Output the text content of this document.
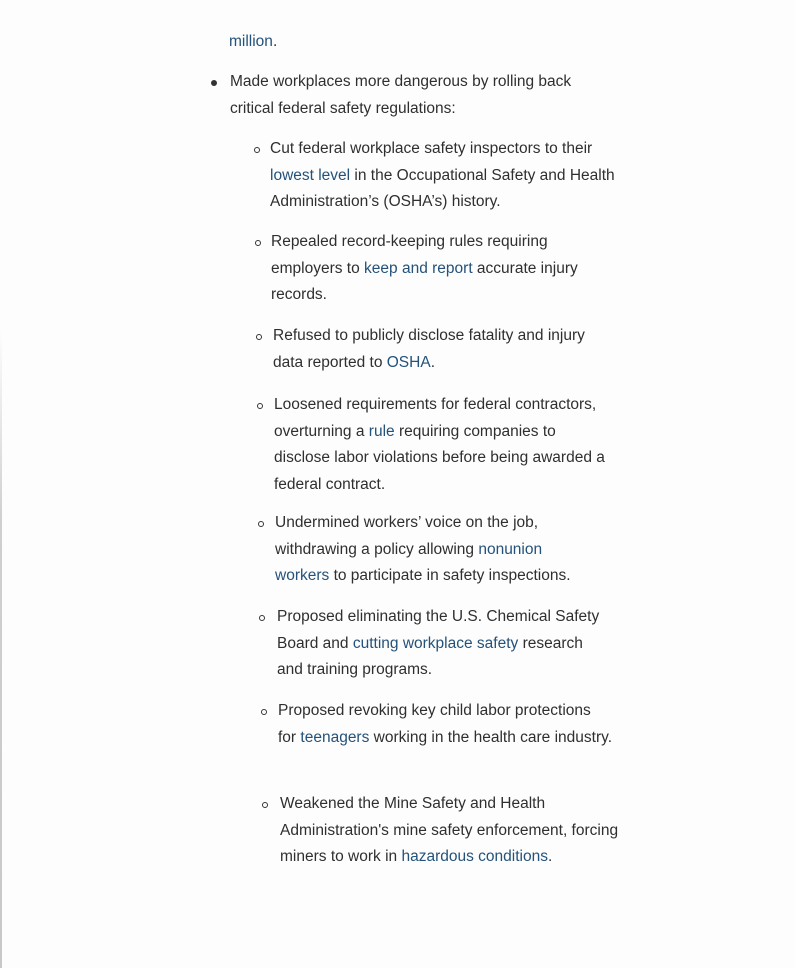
million.
Made workplaces more dangerous by rolling back critical federal safety regulations:
Cut federal workplace safety inspectors to their lowest level in the Occupational Safety and Health Administration’s (OSHA’s) history.
Repealed record-keeping rules requiring employers to keep and report accurate injury records.
Refused to publicly disclose fatality and injury data reported to OSHA.
Loosened requirements for federal contractors, overturning a rule requiring companies to disclose labor violations before being awarded a federal contract.
Undermined workers’ voice on the job, withdrawing a policy allowing nonunion workers to participate in safety inspections.
Proposed eliminating the U.S. Chemical Safety Board and cutting workplace safety research and training programs.
Proposed revoking key child labor protections for teenagers working in the health care industry.
Weakened the Mine Safety and Health Administration's mine safety enforcement, forcing miners to work in hazardous conditions.
